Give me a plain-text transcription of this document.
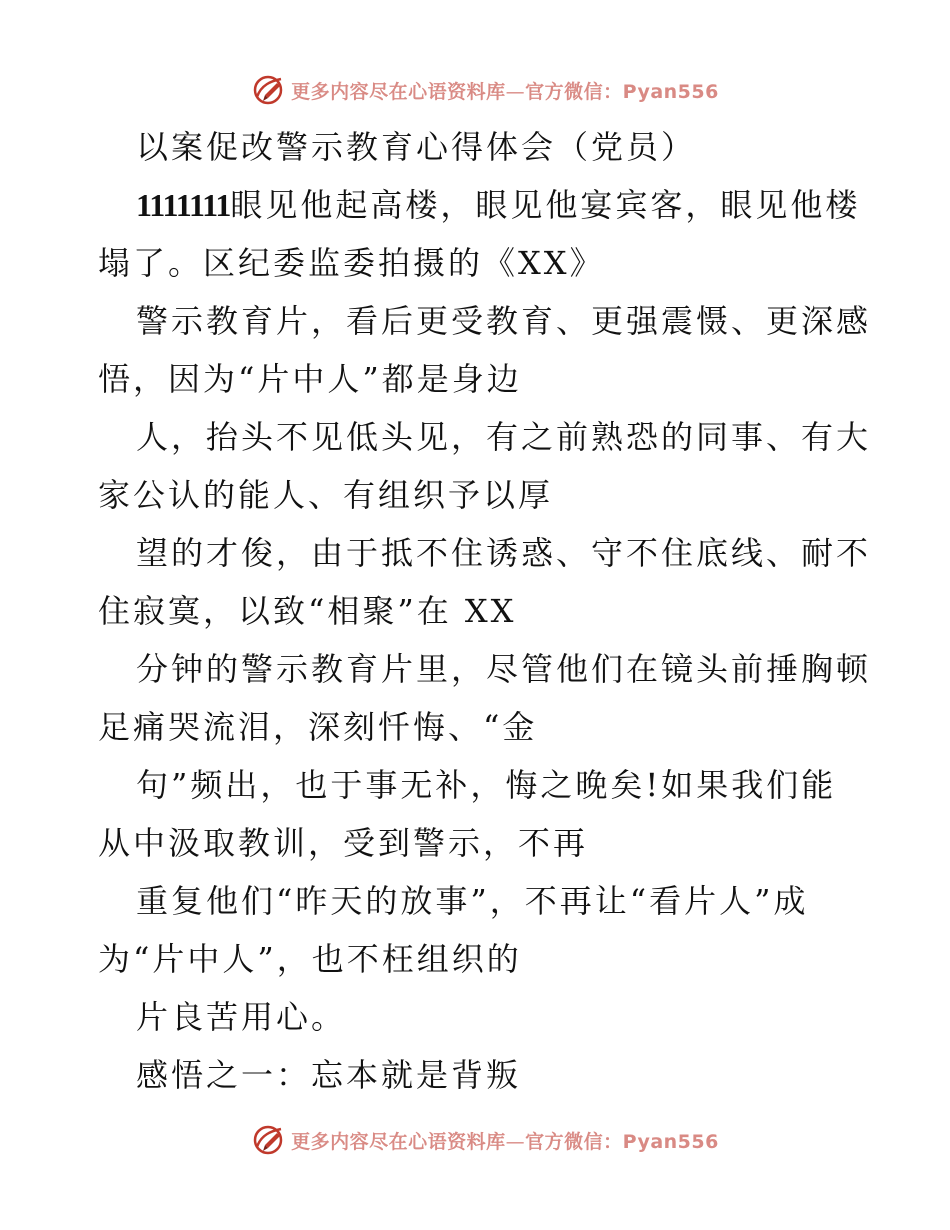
更多内容尽在心语资料库—官方微信：Pyan556
以案促改警示教育心得体会（党员）
1111111眼见他起高楼，眼见他宴宾客，眼见他楼
塌了。区纪委监委拍摄的《XX》
警示教育片，看后更受教育、更强震慑、更深感
悟，因为“片中人”都是身边
人，抬头不见低头见，有之前熟恐的同事、有大
家公认的能人、有组织予以厚
望的才俊，由于抵不住诱惑、守不住底线、耐不
住寂寞，以致“相聚”在 XX
分钟的警示教育片里，尽管他们在镜头前捶胸顿
足痛哭流泪，深刻忏悔、“金
句”频出，也于事无补，悔之晚矣!如果我们能
从中汲取教训，受到警示，不再
重复他们“昨天的放事”，不再让“看片人”成
为“片中人”，也不枉组织的
片良苦用心。
感悟之一：忘本就是背叛
更多内容尽在心语资料库—官方微信：Pyan556
